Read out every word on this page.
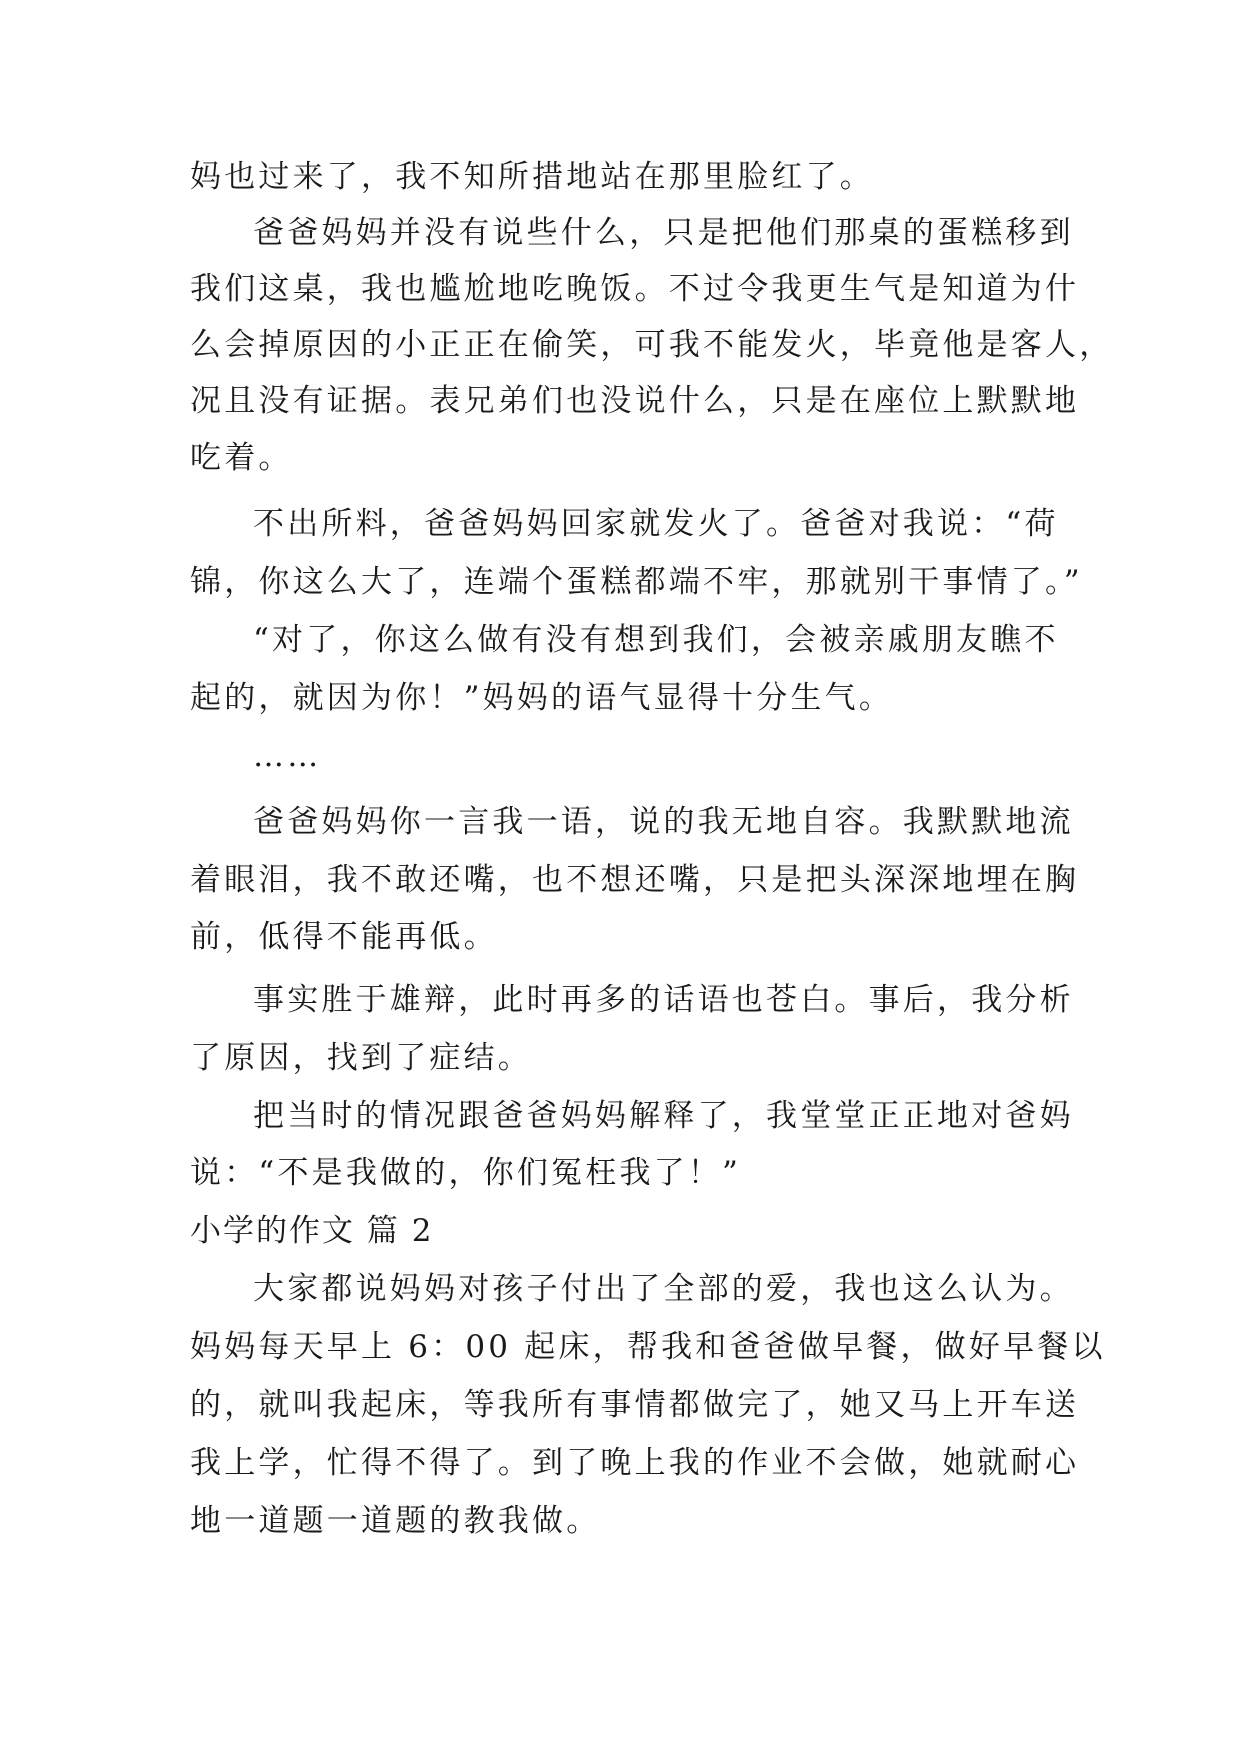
妈也过来了，我不知所措地站在那里脸红了。
爸爸妈妈并没有说些什么，只是把他们那桌的蛋糕移到
我们这桌，我也尴尬地吃晚饭。不过令我更生气是知道为什
么会掉原因的小正正在偷笑，可我不能发火，毕竟他是客人，
况且没有证据。表兄弟们也没说什么，只是在座位上默默地
吃着。
不出所料，爸爸妈妈回家就发火了。爸爸对我说：“荷
锦，你这么大了，连端个蛋糕都端不牢，那就别干事情了。”
“对了，你这么做有没有想到我们，会被亲戚朋友瞧不
起的，就因为你！”妈妈的语气显得十分生气。
……
爸爸妈妈你一言我一语，说的我无地自容。我默默地流
着眼泪，我不敢还嘴，也不想还嘴，只是把头深深地埋在胸
前，低得不能再低。
事实胜于雄辩，此时再多的话语也苍白。事后，我分析
了原因，找到了症结。
把当时的情况跟爸爸妈妈解释了，我堂堂正正地对爸妈
说：“不是我做的，你们冤枉我了！”
小学的作文 篇 2
大家都说妈妈对孩子付出了全部的爱，我也这么认为。
妈妈每天早上 6：00 起床，帮我和爸爸做早餐，做好早餐以
的，就叫我起床，等我所有事情都做完了，她又马上开车送
我上学，忙得不得了。到了晚上我的作业不会做，她就耐心
地一道题一道题的教我做。
